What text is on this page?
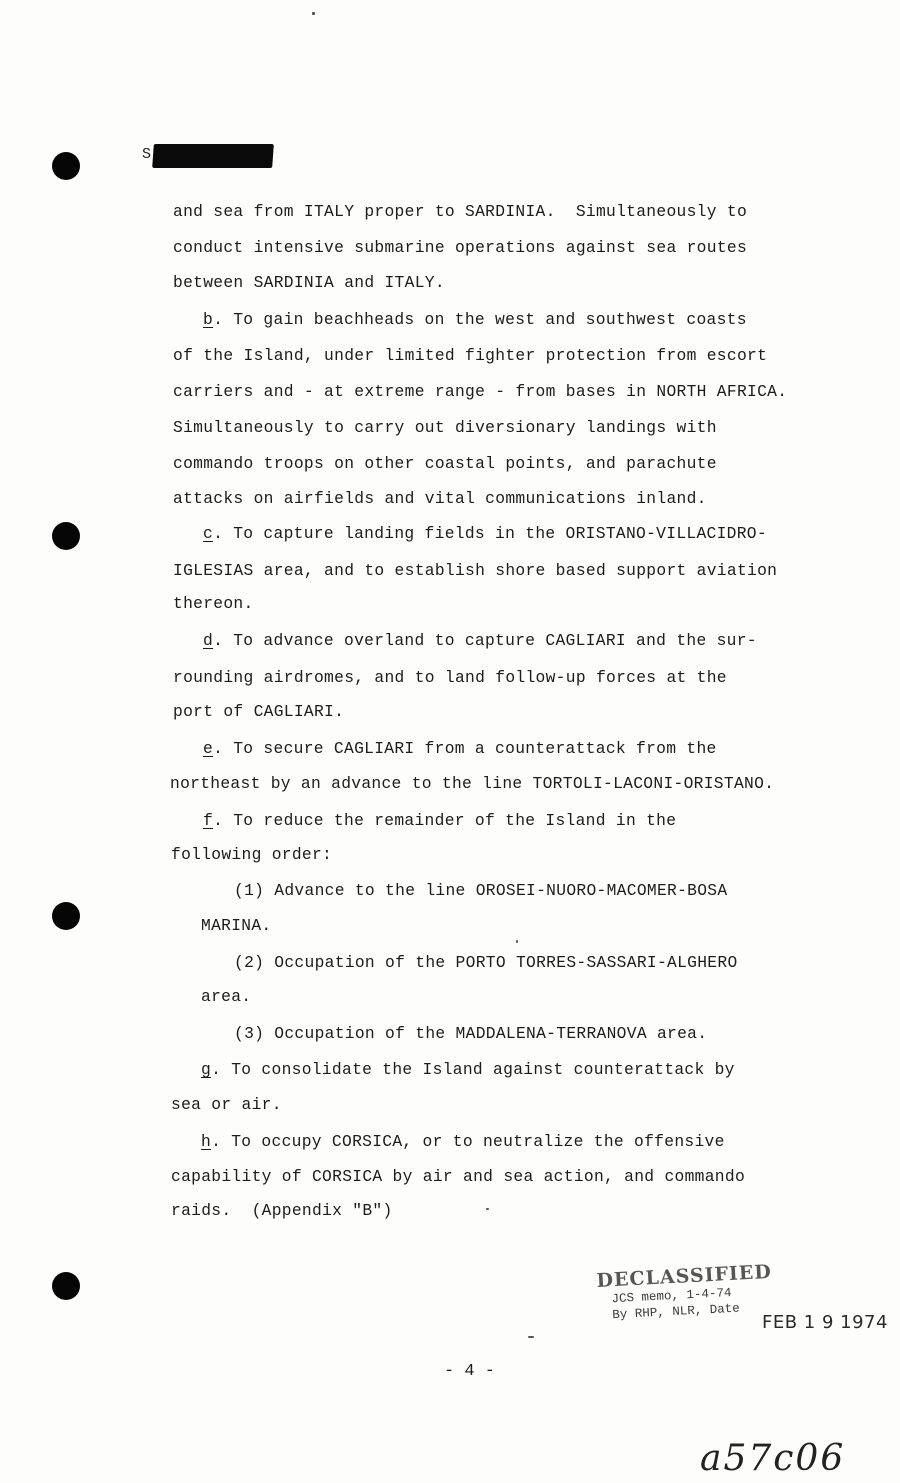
S
and sea from ITALY proper to SARDINIA.  Simultaneously to
conduct intensive submarine operations against sea routes
between SARDINIA and ITALY.
b. To gain beachheads on the west and southwest coasts
of the Island, under limited fighter protection from escort
carriers and - at extreme range - from bases in NORTH AFRICA.
Simultaneously to carry out diversionary landings with
commando troops on other coastal points, and parachute
attacks on airfields and vital communications inland.
c. To capture landing fields in the ORISTANO-VILLACIDRO-
IGLESIAS area, and to establish shore based support aviation
thereon.
d. To advance overland to capture CAGLIARI and the sur-
rounding airdromes, and to land follow-up forces at the
port of CAGLIARI.
e. To secure CAGLIARI from a counterattack from the
northeast by an advance to the line TORTOLI-LACONI-ORISTANO.
f. To reduce the remainder of the Island in the
following order:
(1) Advance to the line OROSEI-NUORO-MACOMER-BOSA
MARINA.
(2) Occupation of the PORTO TORRES-SASSARI-ALGHERO
area.
(3) Occupation of the MADDALENA-TERRANOVA area.
g. To consolidate the Island against counterattack by
sea or air.
h. To occupy CORSICA, or to neutralize the offensive
capability of CORSICA by air and sea action, and commando
raids.  (Appendix "B")
- 4 -
DECLASSIFIED
JCS memo, 1-4-74
By RHP, NLR, Date
FEB 1 9 1974
a57c06
